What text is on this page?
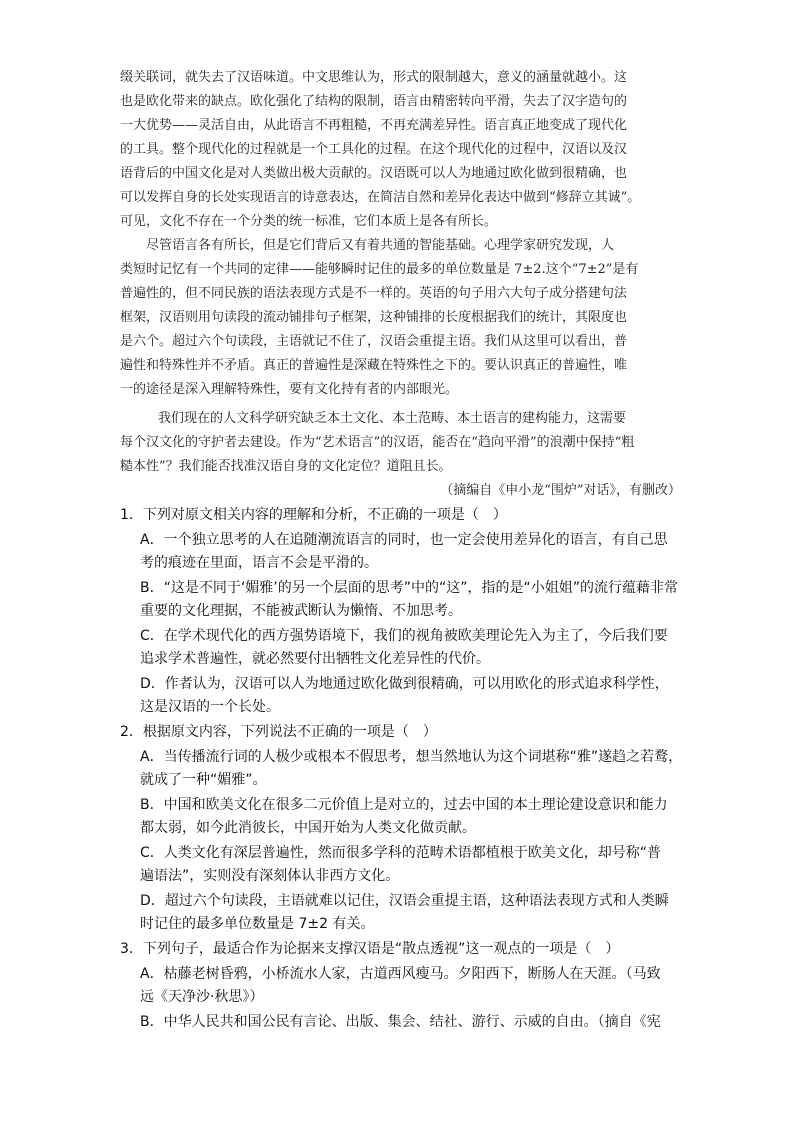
缀关联词，就失去了汉语味道。中文思维认为，形式的限制越大，意义的涵量就越小。这
也是欧化带来的缺点。欧化强化了结构的限制，语言由精密转向平滑，失去了汉字造句的
一大优势——灵活自由，从此语言不再粗糙，不再充满差异性。语言真正地变成了现代化
的工具。整个现代化的过程就是一个工具化的过程。在这个现代化的过程中，汉语以及汉
语背后的中国文化是对人类做出极大贡献的。汉语既可以人为地通过欧化做到很精确，也
可以发挥自身的长处实现语言的诗意表达，在简洁自然和差异化表达中做到“修辞立其诚”。
可见，文化不存在一个分类的统一标准，它们本质上是各有所长。
尽管语言各有所长，但是它们背后又有着共通的智能基础。心理学家研究发现，人
类短时记忆有一个共同的定律——能够瞬时记住的最多的单位数量是 7±2.这个“7±2”是有
普遍性的，但不同民族的语法表现方式是不一样的。英语的句子用六大句子成分搭建句法
框架，汉语则用句读段的流动铺排句子框架，这种铺排的长度根据我们的统计，其限度也
是六个。超过六个句读段，主语就记不住了，汉语会重提主语。我们从这里可以看出，普
遍性和特殊性并不矛盾。真正的普遍性是深藏在特殊性之下的。要认识真正的普遍性，唯
一的途径是深入理解特殊性，要有文化持有者的内部眼光。
我们现在的人文科学研究缺乏本土文化、本土范畴、本土语言的建构能力，这需要
每个汉文化的守护者去建设。作为“艺术语言”的汉语，能否在“趋向平滑”的浪潮中保持“粗
糙本性”？我们能否找准汉语自身的文化定位？道阻且长。
（摘编自《申小龙“围炉”对话》，有删改）
1．下列对原文相关内容的理解和分析，不正确的一项是（　）
A．一个独立思考的人在追随潮流语言的同时，也一定会使用差异化的语言，有自己思
考的痕迹在里面，语言不会是平滑的。
B．“这是不同于‘媚雅’的另一个层面的思考”中的“这”，指的是“小姐姐”的流行蕴藉非常
重要的文化理据，不能被武断认为懒惰、不加思考。
C．在学术现代化的西方强势语境下，我们的视角被欧美理论先入为主了，今后我们要
追求学术普遍性，就必然要付出牺牲文化差异性的代价。
D．作者认为，汉语可以人为地通过欧化做到很精确，可以用欧化的形式追求科学性，
这是汉语的一个长处。
2．根据原文内容，下列说法不正确的一项是（　）
A．当传播流行词的人极少或根本不假思考，想当然地认为这个词堪称“雅”遂趋之若鹜，
就成了一种“媚雅”。
B．中国和欧美文化在很多二元价值上是对立的，过去中国的本土理论建设意识和能力
都太弱，如今此消彼长，中国开始为人类文化做贡献。
C．人类文化有深层普遍性，然而很多学科的范畴术语都植根于欧美文化，却号称“普
遍语法”，实则没有深刻体认非西方文化。
D．超过六个句读段，主语就难以记住，汉语会重提主语，这种语法表现方式和人类瞬
时记住的最多单位数量是 7±2 有关。
3．下列句子，最适合作为论据来支撑汉语是“散点透视”这一观点的一项是（　）
A．枯藤老树昏鸦，小桥流水人家，古道西风瘦马。夕阳西下，断肠人在天涯。（马致
远《天净沙·秋思》）
B．中华人民共和国公民有言论、出版、集会、结社、游行、示威的自由。（摘自《宪
